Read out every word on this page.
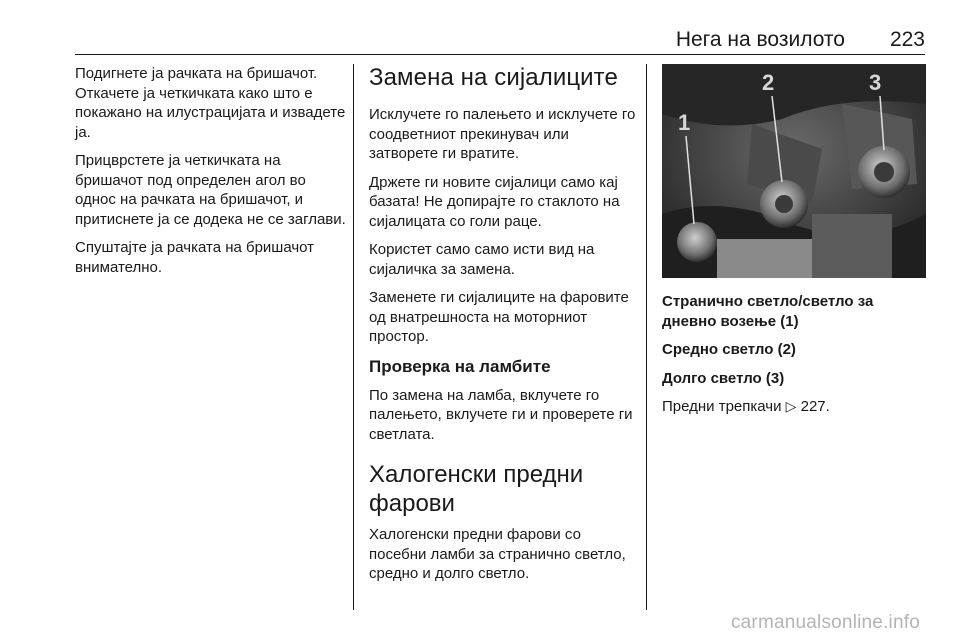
Нега на возилото 223

Подигнете ја рачката на бришачот. Откачете ја четкичката како што е покажано на илустрацијата и извадете ја.

Прицврстете ја четкичката на бришачот под определен агол во однос на рачката на бришачот, и притиснете ја се додека не се заглави.

Спуштајте ја рачката на бришачот внимателно.

Замена на сијалиците

Исклучете го палењето и исклучете го соодветниот прекинувач или затворете ги вратите.

Држете ги новите сијалици само кај базата! Не допирајте го стаклото на сијалицата со голи раце.

Користет само само исти вид на сијаличка за замена.

Заменете ги сијалиците на фаровите од внатрешноста на моторниот простор.

Проверка на ламбите

По замена на ламба, вклучете го палењето, вклучете ги и проверете ги светлата.

Халогенски предни фарови

Халогенски предни фарови со посебни ламби за странично светло, средно и долго светло.

1
2	3

Странично светло/светло за дневно возење (1)

Средно светло (2)

Долго светло (3)

Предни трепкачи ▷ 227.

carmanualsonline.info
